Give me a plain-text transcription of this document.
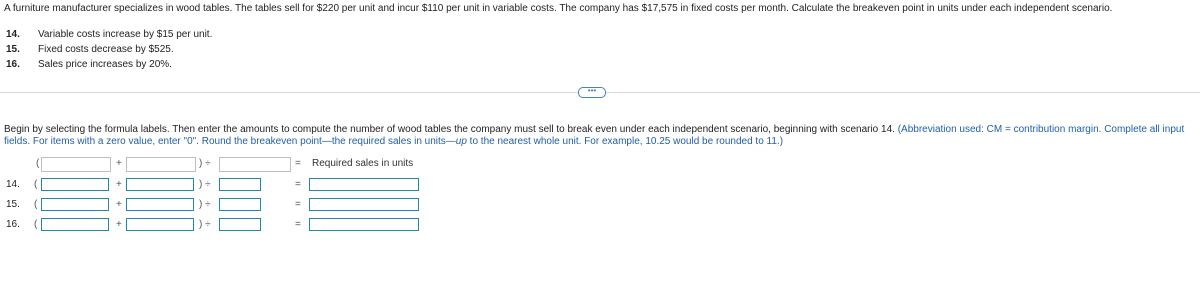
A furniture manufacturer specializes in wood tables. The tables sell for $220 per unit and incur $110 per unit in variable costs. The company has $17,575 in fixed costs per month. Calculate the breakeven point in units under each independent scenario.
14. Variable costs increase by $15 per unit.
15. Fixed costs decrease by $525.
16. Sales price increases by 20%.
•••
Begin by selecting the formula labels. Then enter the amounts to compute the number of wood tables the company must sell to break even under each independent scenario, beginning with scenario 14. (Abbreviation used: CM = contribution margin. Complete all input fields. For items with a zero value, enter "0". Round the breakeven point—the required sales in units—up to the nearest whole unit. For example, 10.25 would be rounded to 11.)
(	+	) ÷	= Required sales in units
14. (	+	) ÷	=
15. (	+	) ÷	=
16. (	+	) ÷	=
